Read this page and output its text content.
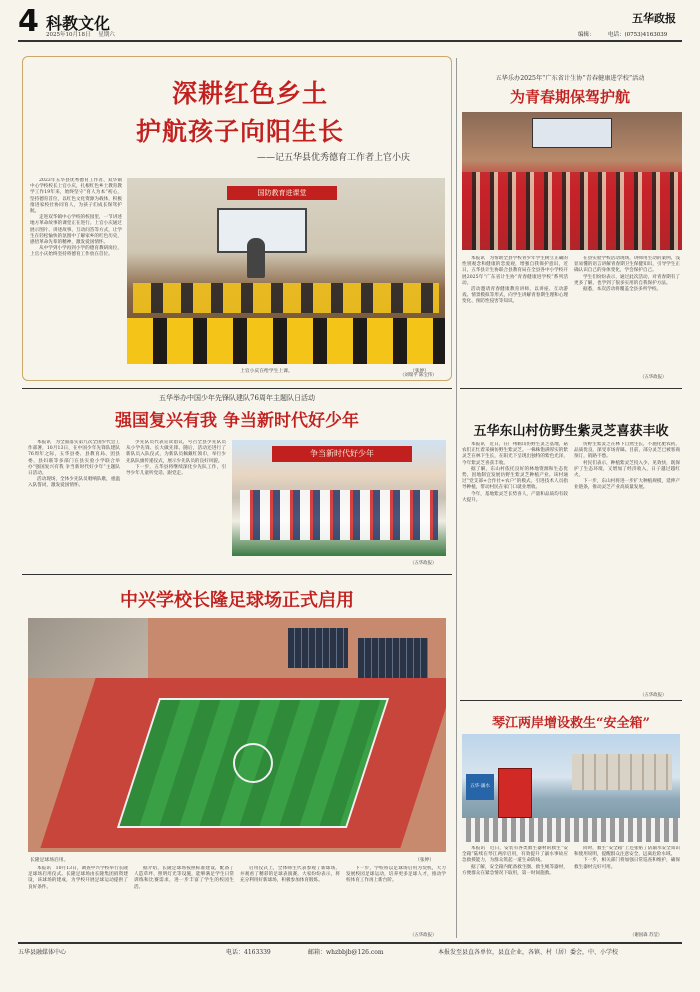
4 科教文化
2025年10月18日 星期六
五华政报
编辑： 电话：(0753)4163039
深耕红色乡土
护航孩子向阳生长
——记五华县优秀德育工作者上官小庆

2023年五华县优秀德育工作者、双华镇中心学校校长上官小庆，扎根红色乡土教育教学工作19年来，始终坚守“育人为本”初心，坚持德育首位，以红色文化资源为载体，积极推进家校社协同育人，为孩子们成长保驾护航。

走进双华镇中心学校的校园里，一节讲述地方革命故事的课堂正在进行。上官小庆通过展示图片、讲述故事、互动问答等方式，让学生在轻松愉快的氛围中了解家乡的红色历史，感悟革命先辈的精神，激发爱国情怀。

从中学到小学再到小学的德育教研岗位，上官小庆始终坚持将德育工作放在首位。

国防教育进课堂
上官小庆在给学生上课。	（张婷）
（刘瑞平 陈宝伟）
五华乐办2025年“广东省计生协”青春健康进学校”活动
为青春期保驾护航

本报讯　为帮助全县学校青少年学生树立正确的性别观念和健康的恋爱观，增强自我保护意识，近日，五华县计生协联合县教育局在全县各中小学校开展2025年“广东省计生协”青春健康进学校”系列活动。

活动邀请青春健康教育讲师，以讲座、互动游戏、情景模拟等形式，向学生讲解青春期生理和心理变化、预防性侵害等知识。

在县实验学校活动现场，讲师用生动的案例、浅显易懂的语言讲解青春期卫生保健知识，引导学生正确认识自己的身体变化，学会保护自己。

学生们纷纷表示，通过此次活动，对青春期有了更多了解，也学到了很多实用的自我保护方法。

据悉，本次活动将覆盖全县多所学校。

（五华政报）
五华举办中国少年先锋队建队76周年主题队日活动
强国复兴有我 争当新时代好少年

本报讯　为全面落实第九次全国少代会工作部署，10月13日，在中国少年先锋队建队76周年之际，五华县委、县教育局、团县委、县妇联等多部门在县实验小学联合举办“强国复兴有我 争当新时代好少年”主题队日活动。

活动现场，全体少先队员唱响队歌，重温入队誓词，激发爱国情怀。

少先队员代表宣读倡议，号召全县少先队员从小学先锋、长大做先锋。随后，活动还进行了新队员入队仪式，为新队员佩戴红领巾，举行少先队队旗传递仪式，展示少先队员的良好风貌。

下一步，五华县将继续深化少先队工作，引导少年儿童听党话、跟党走。

争当新时代好少年
（五华政报）
五华东山村仿野生紫灵芝喜获丰收

本报讯　近日，在广州鹤山仿野生灵芝基地，菇农们正忙着采摘仿野生紫灵芝。一株株饱满厚实的紫灵芝在林下生长，在阳光下呈现出独特的紫色光泽，今年紫灵芝喜获丰收。

据了解，东山村依托良好的林地资源和生态优势，因地制宜发展仿野生紫灵芝种植产业。该村通过“党支部+合作社+农户”的模式，引进技术人员指导种植，带动村民在家门口就业增收。

今年，基地紫灵芝长势喜人，产量和品质均有较大提升。

仿野生紫灵芝在林下自然生长，不施化肥农药，品质优良，深受市场青睐。目前，部分灵芝已被客商预订，销路不愁。

村民们表示，种植紫灵芝投入少、见效快，既保护了生态环境，又增加了经济收入，日子越过越红火。

下一步，东山村将进一步扩大种植规模，延伸产业链条，推动灵芝产业高质量发展。

（五华政报）
中兴学校长隆足球场正式启用
长隆足球场启用。	（张婷）

本报讯　10月13日，调查中兴学校举行长隆足球场启用仪式。长隆足球场由长隆集团捐资建设，该球场的建成，为学校开展足球运动提供了良好条件。

据介绍，长隆足球场按照标准建设，配备了人造草坪、照明灯光等设施，能够满足学生日常训练和比赛需求，进一步丰富了学生的校园生活。

启用仪式上，全体师生代表参观了新球场，并观看了精彩的足球表演赛。大家纷纷表示，将充分利用好新球场，积极参加体育锻炼。

下一步，学校将以足球场启用为契机，大力发展校园足球运动，培养更多足球人才，推动学校体育工作再上新台阶。

（五华政报）
琴江两岸增设救生“安全箱”
五华·溺水

本报讯　近日，安装有各类救生器材的救生“安全箱”陆续在琴江两岸启用，有效提升了溺水事故应急救援能力，为群众筑起一道生命防线。

据了解，安全箱内配备救生圈、救生绳等器材，方便群众在紧急情况下取用，第一时间施救。

同时，救生“安全箱”上还张贴了防溺水安全知识和使用说明，提醒群众注意安全，远离危险水域。

下一步，相关部门将加强日常巡查和维护，确保救生器材完好可用。

（谢国森 苏莹）
五华县融媒体中心	电话：4163339	邮箱：whzbbjb@126.com	本报发至县直各单位，县直企业，各镇、村（居）委会，中、小学校
